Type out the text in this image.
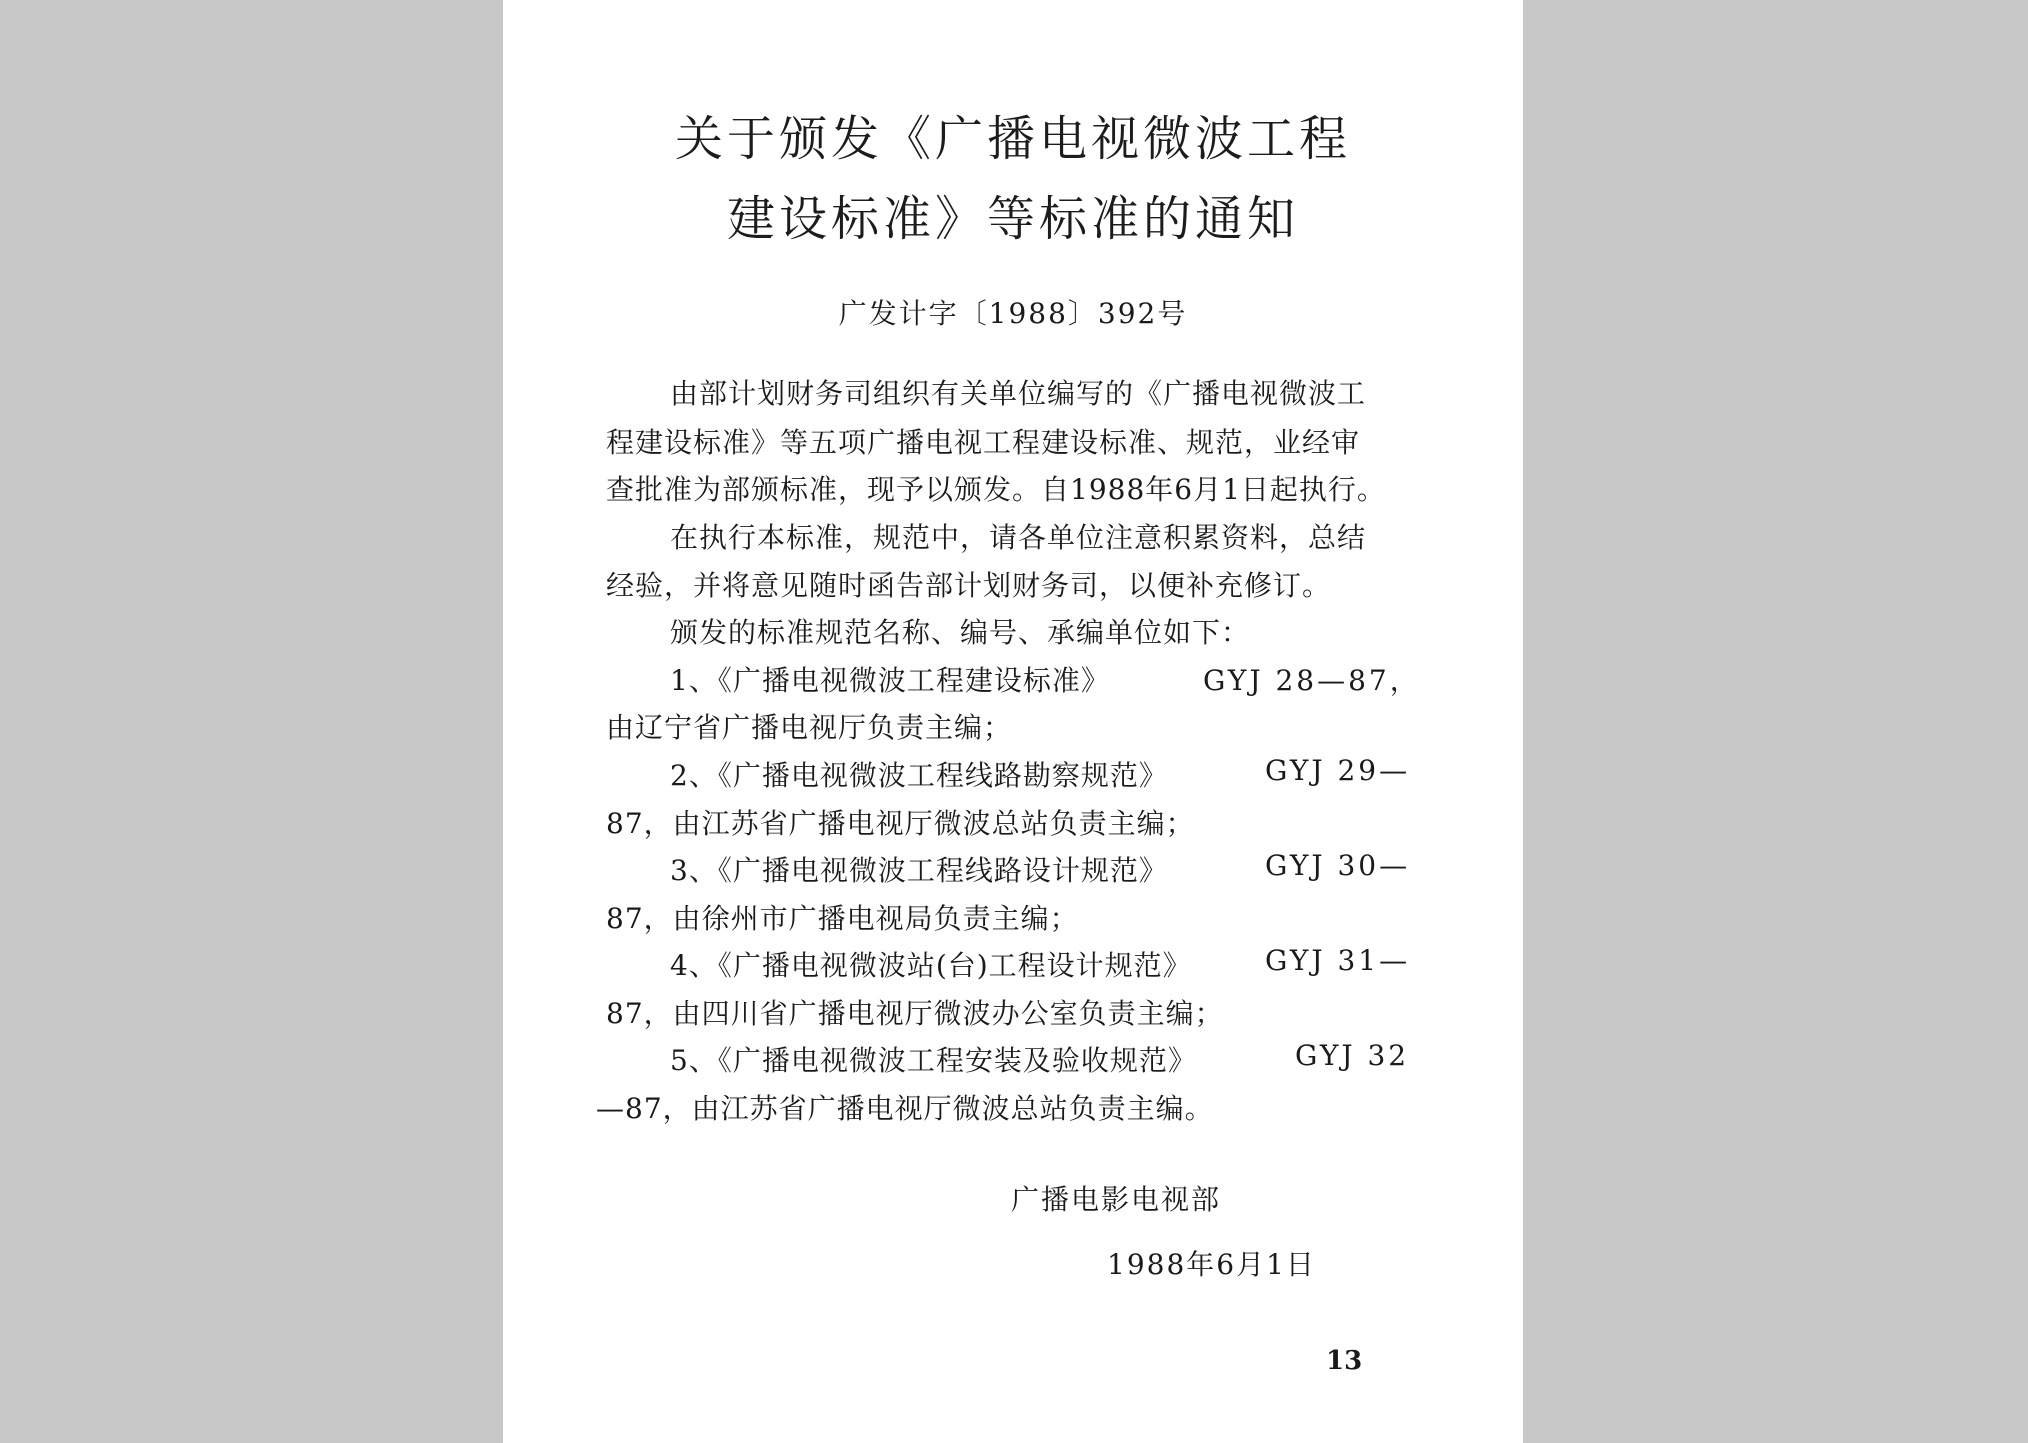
关于颁发《广播电视微波工程
建设标准》等标准的通知
广发计字〔1988〕392号
由部计划财务司组织有关单位编写的《广播电视微波工
程建设标准》等五项广播电视工程建设标准、规范，业经审
查批准为部颁标准，现予以颁发。自1988年6月1日起执行。
在执行本标准，规范中，请各单位注意积累资料，总结
经验，并将意见随时函告部计划财务司，以便补充修订。
颁发的标准规范名称、编号、承编单位如下：
1、《广播电视微波工程建设标准》	GYJ 28—87，
由辽宁省广播电视厅负责主编；
2、《广播电视微波工程线路勘察规范》	GYJ 29—
87，由江苏省广播电视厅微波总站负责主编；
3、《广播电视微波工程线路设计规范》	GYJ 30—
87，由徐州市广播电视局负责主编；
4、《广播电视微波站(台)工程设计规范》	GYJ 31—
87，由四川省广播电视厅微波办公室负责主编；
5、《广播电视微波工程安装及验收规范》	GYJ 32
—87，由江苏省广播电视厅微波总站负责主编。
广播电影电视部
1988年6月1日
13
